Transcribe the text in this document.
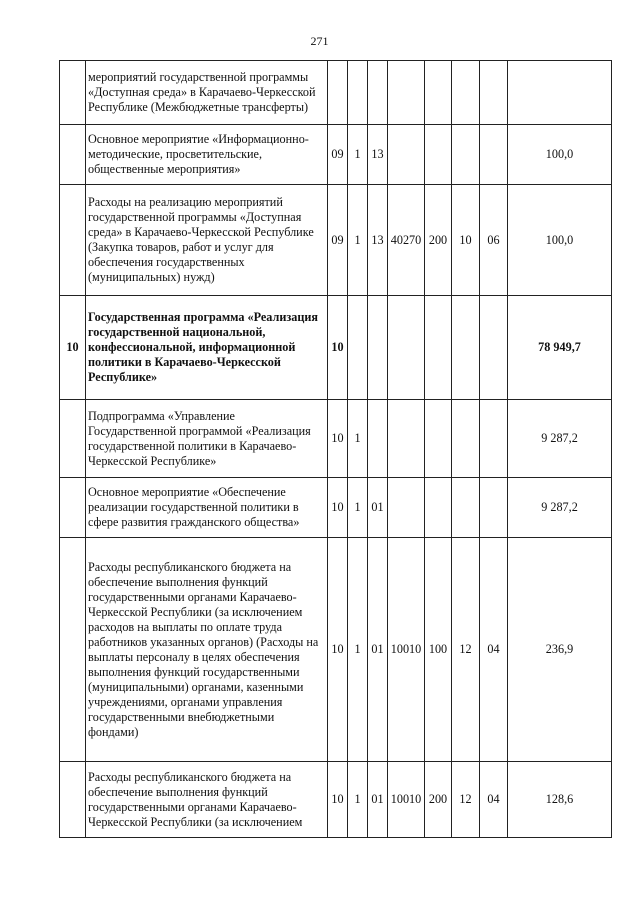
271
	мероприятий государственной программы «Доступная среда» в Карачаево-Черкесской Республике (Межбюджетные трансферты)								
	Основное мероприятие «Информационно-методические, просветительские, общественные мероприятия»	09	1	13					100,0
	Расходы на реализацию мероприятий государственной программы «Доступная среда» в Карачаево-Черкесской Республике (Закупка товаров, работ и услуг для обеспечения государственных (муниципальных) нужд)	09	1	13	40270	200	10	06	100,0
10	Государственная программа «Реализация государственной национальной, конфессиональной, информационной политики в Карачаево-Черкесской Республике»	10							78 949,7
	Подпрограмма «Управление Государственной программой «Реализация государственной политики в Карачаево-Черкесской Республике»	10	1						9 287,2
	Основное мероприятие «Обеспечение реализации государственной политики в сфере развития гражданского общества»	10	1	01					9 287,2
	Расходы республиканского бюджета на обеспечение выполнения функций государственными органами Карачаево-Черкесской Республики (за исключением расходов на выплаты по оплате труда работников указанных органов) (Расходы на выплаты персоналу в целях обеспечения выполнения функций государственными (муниципальными) органами, казенными учреждениями, органами управления государственными внебюджетными фондами)	10	1	01	10010	100	12	04	236,9
	Расходы республиканского бюджета на обеспечение выполнения функций государственными органами Карачаево-Черкесской Республики (за исключением	10	1	01	10010	200	12	04	128,6
